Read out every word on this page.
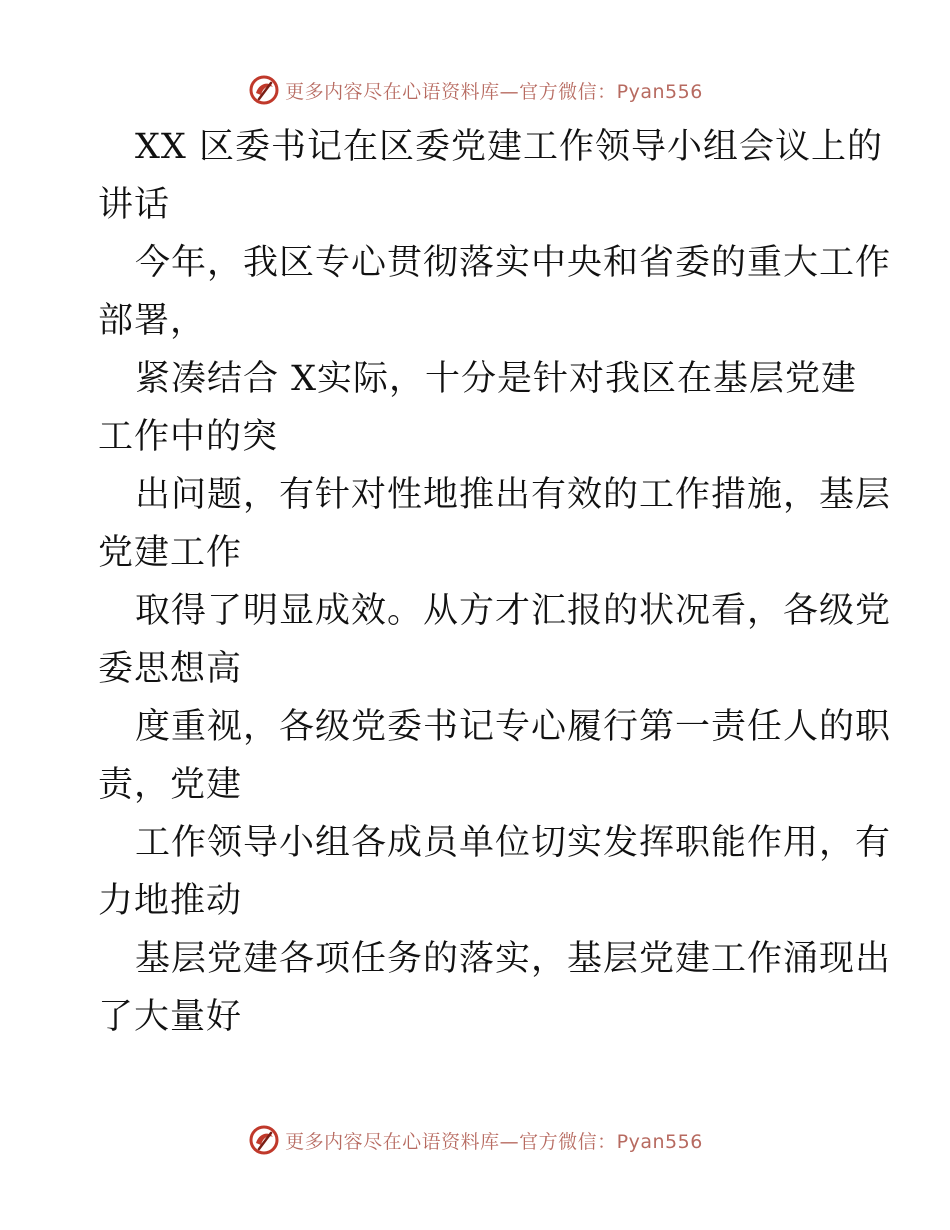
更多内容尽在心语资料库—官方微信：Pyan556
XX 区委书记在区委党建工作领导小组会议上的
讲话
今年，我区专心贯彻落实中央和省委的重大工作
部署，
紧凑结合 X实际，十分是针对我区在基层党建
工作中的突
出问题，有针对性地推出有效的工作措施，基层
党建工作
取得了明显成效。从方才汇报的状况看，各级党
委思想高
度重视，各级党委书记专心履行第一责任人的职
责，党建
工作领导小组各成员单位切实发挥职能作用，有
力地推动
基层党建各项任务的落实，基层党建工作涌现出
了大量好
更多内容尽在心语资料库—官方微信：Pyan556
